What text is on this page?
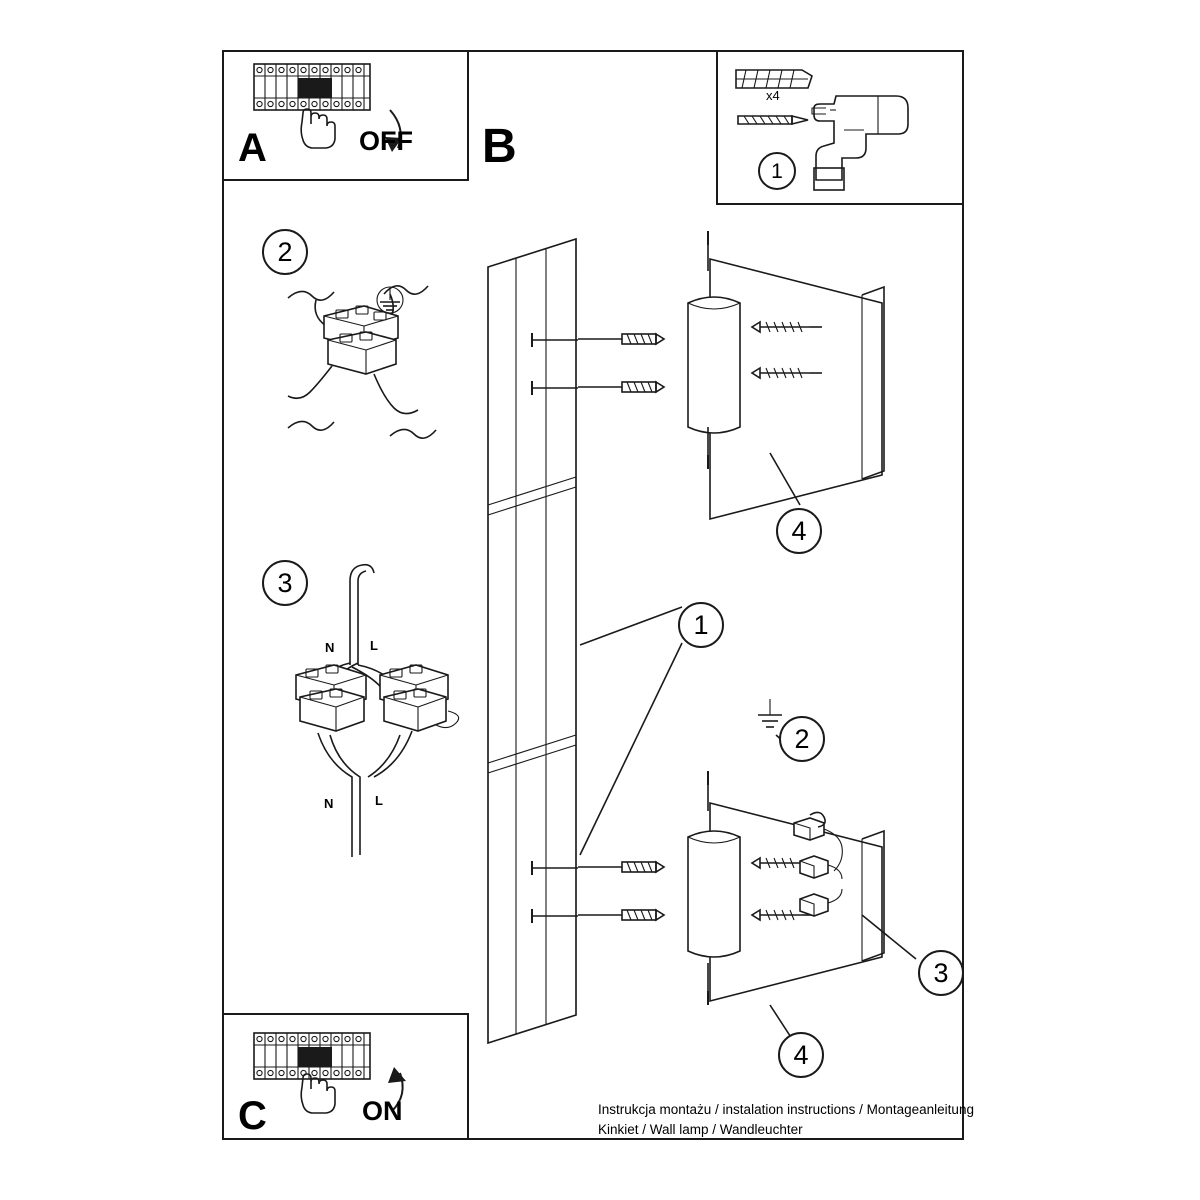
A	OFF B	1
x4
2
3
N	L
N	L
C	ON
1
4
2
3
4
Instrukcja montażu / instalation instructions / Montageanleitung
Kinkiet / Wall lamp / Wandleuchter
